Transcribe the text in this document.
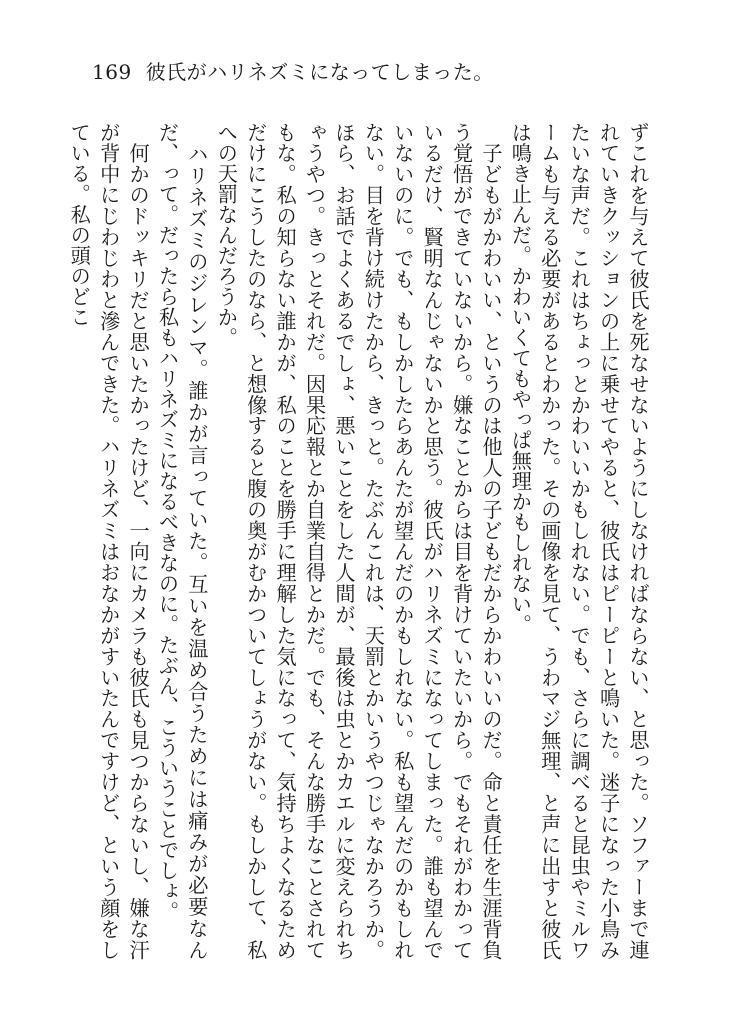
169 彼氏がハリネズミになってしまった。

ずこれを与えて彼氏を死なせないようにしなければならない、と思った。ソファーまで連れていきクッションの上に乗せてやると、彼氏はピーピーと鳴いた。迷子になった小鳥みたいな声だ。これはちょっとかわいいかもしれない。でも、さらに調べると昆虫やミルワームも与える必要があるとわかった。その画像を見て、うわマジ無理、と声に出すと彼氏は鳴き止んだ。かわいくてもやっぱ無理かもしれない。

　子どもがかわいい、というのは他人の子どもだからかわいいのだ。命と責任を生涯背負う覚悟ができていないから。嫌なことからは目を背けていたいから。でもそれがわかっているだけ、賢明なんじゃないかと思う。彼氏がハリネズミになってしまった。誰も望んでいないのに。でも、もしかしたらあんたが望んだのかもしれない。私も望んだのかもしれない。目を背け続けたから、きっと。たぶんこれは、天罰とかいうやつじゃなかろうか。ほら、お話でよくあるでしょ、悪いことをした人間が、最後は虫とかカエルに変えられちゃうやつ。きっとそれだ。因果応報とか自業自得とかだ。でも、そんな勝手なことされてもな。私の知らない誰かが、私のことを勝手に理解した気になって、気持ちよくなるためだけにこうしたのなら、と想像すると腹の奥がむかついてしょうがない。もしかして、私への天罰なんだろうか。

　ハリネズミのジレンマ。誰かが言っていた。互いを温め合うためには痛みが必要なんだ、って。だったら私もハリネズミになるべきなのに。たぶん、こういうことでしょ。

　何かのドッキリだと思いたかったけど、一向にカメラも彼氏も見つからないし、嫌な汗が背中にじわじわと滲んできた。ハリネズミはおなかがすいたんですけど、という顔をしている。私の頭のどこ
